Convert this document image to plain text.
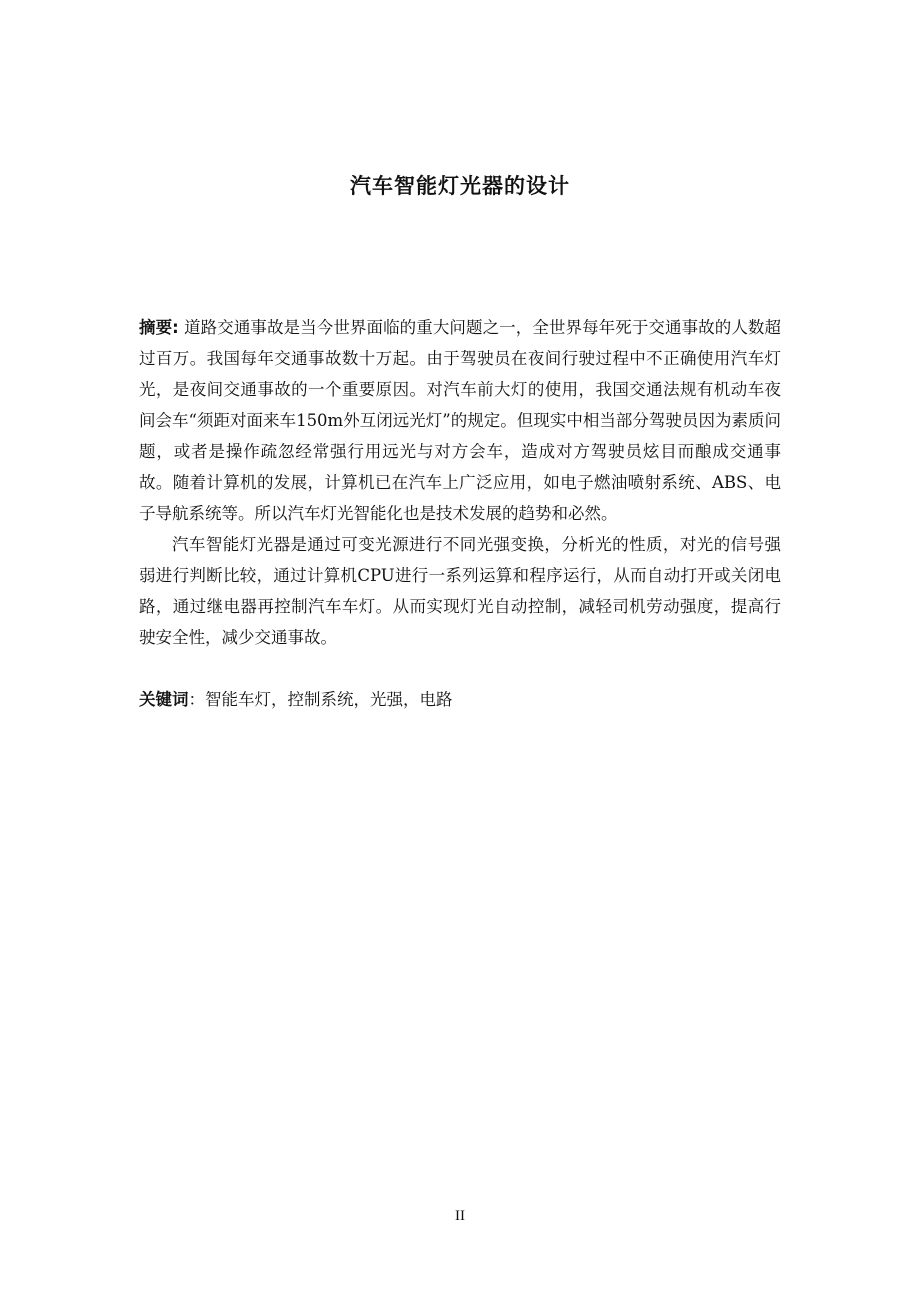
汽车智能灯光器的设计

摘要: 道路交通事故是当今世界面临的重大问题之一，全世界每年死于交通事故的人数超过百万。我国每年交通事故数十万起。由于驾驶员在夜间行驶过程中不正确使用汽车灯光，是夜间交通事故的一个重要原因。对汽车前大灯的使用，我国交通法规有机动车夜间会车“须距对面来车150m外互闭远光灯”的规定。但现实中相当部分驾驶员因为素质问题，或者是操作疏忽经常强行用远光与对方会车，造成对方驾驶员炫目而酿成交通事故。随着计算机的发展，计算机已在汽车上广泛应用，如电子燃油喷射系统、ABS、电子导航系统等。所以汽车灯光智能化也是技术发展的趋势和必然。

汽车智能灯光器是通过可变光源进行不同光强变换，分析光的性质，对光的信号强弱进行判断比较，通过计算机CPU进行一系列运算和程序运行，从而自动打开或关闭电路，通过继电器再控制汽车车灯。从而实现灯光自动控制，减轻司机劳动强度，提高行驶安全性，减少交通事故。

关键词：智能车灯，控制系统，光强，电路

II
